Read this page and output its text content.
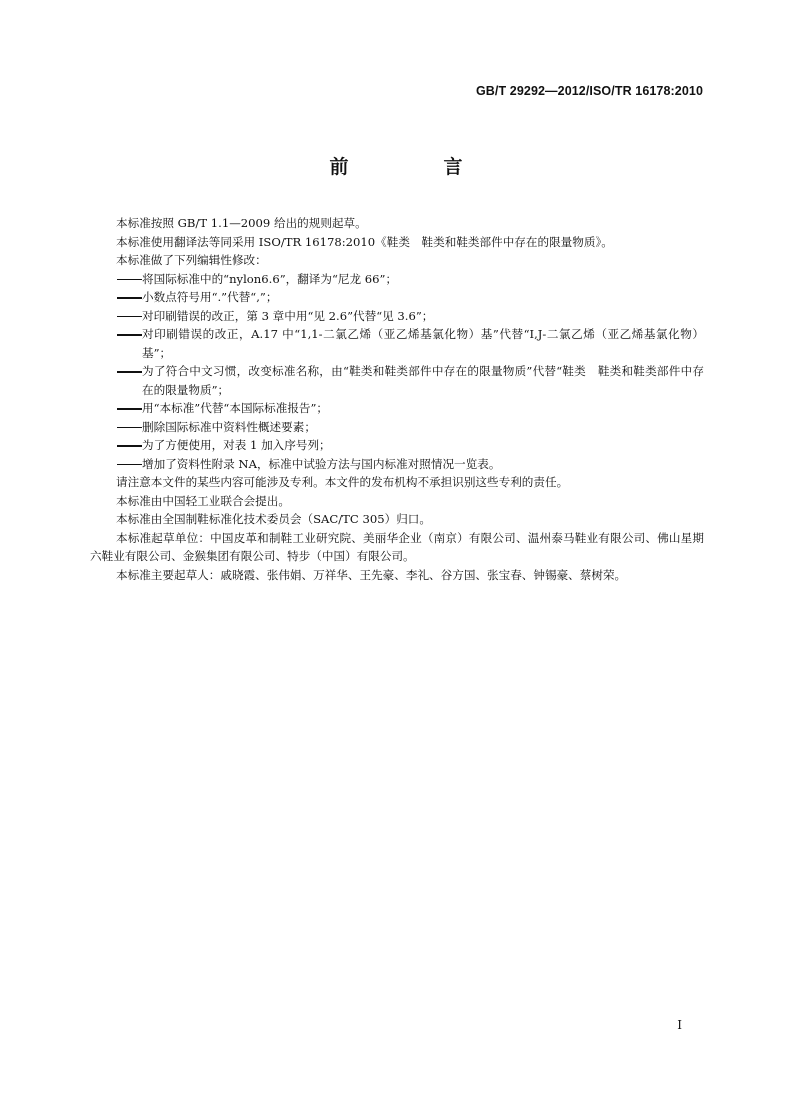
GB/T 29292—2012/ISO/TR 16178:2010
前　言

本标准按照 GB/T 1.1—2009 给出的规则起草。

本标准使用翻译法等同采用 ISO/TR 16178:2010《鞋类　鞋类和鞋类部件中存在的限量物质》。

本标准做了下列编辑性修改：

将国际标准中的“nylon6.6”，翻译为“尼龙 66”；
小数点符号用“.”代替“,”；
对印刷错误的改正，第 3 章中用“见 2.6”代替“见 3.6”；
对印刷错误的改正，A.17 中“1,1-二氯乙烯（亚乙烯基氯化物）基”代替“I,J-二氯乙烯（亚乙烯基氯化物）基”；
为了符合中文习惯，改变标准名称，由“鞋类和鞋类部件中存在的限量物质”代替“鞋类　鞋类和鞋类部件中存在的限量物质”；
用“本标准”代替“本国际标准报告”；
删除国际标准中资料性概述要素；
为了方便使用，对表 1 加入序号列；
增加了资料性附录 NA，标准中试验方法与国内标准对照情况一览表。

请注意本文件的某些内容可能涉及专利。本文件的发布机构不承担识别这些专利的责任。

本标准由中国轻工业联合会提出。

本标准由全国制鞋标准化技术委员会（SAC/TC 305）归口。

本标准起草单位：中国皮革和制鞋工业研究院、美丽华企业（南京）有限公司、温州泰马鞋业有限公司、佛山星期六鞋业有限公司、金猴集团有限公司、特步（中国）有限公司。

本标准主要起草人：戚晓霞、张伟娟、万祥华、王先豪、李礼、谷方国、张宝春、钟锡豪、蔡树荣。

I
